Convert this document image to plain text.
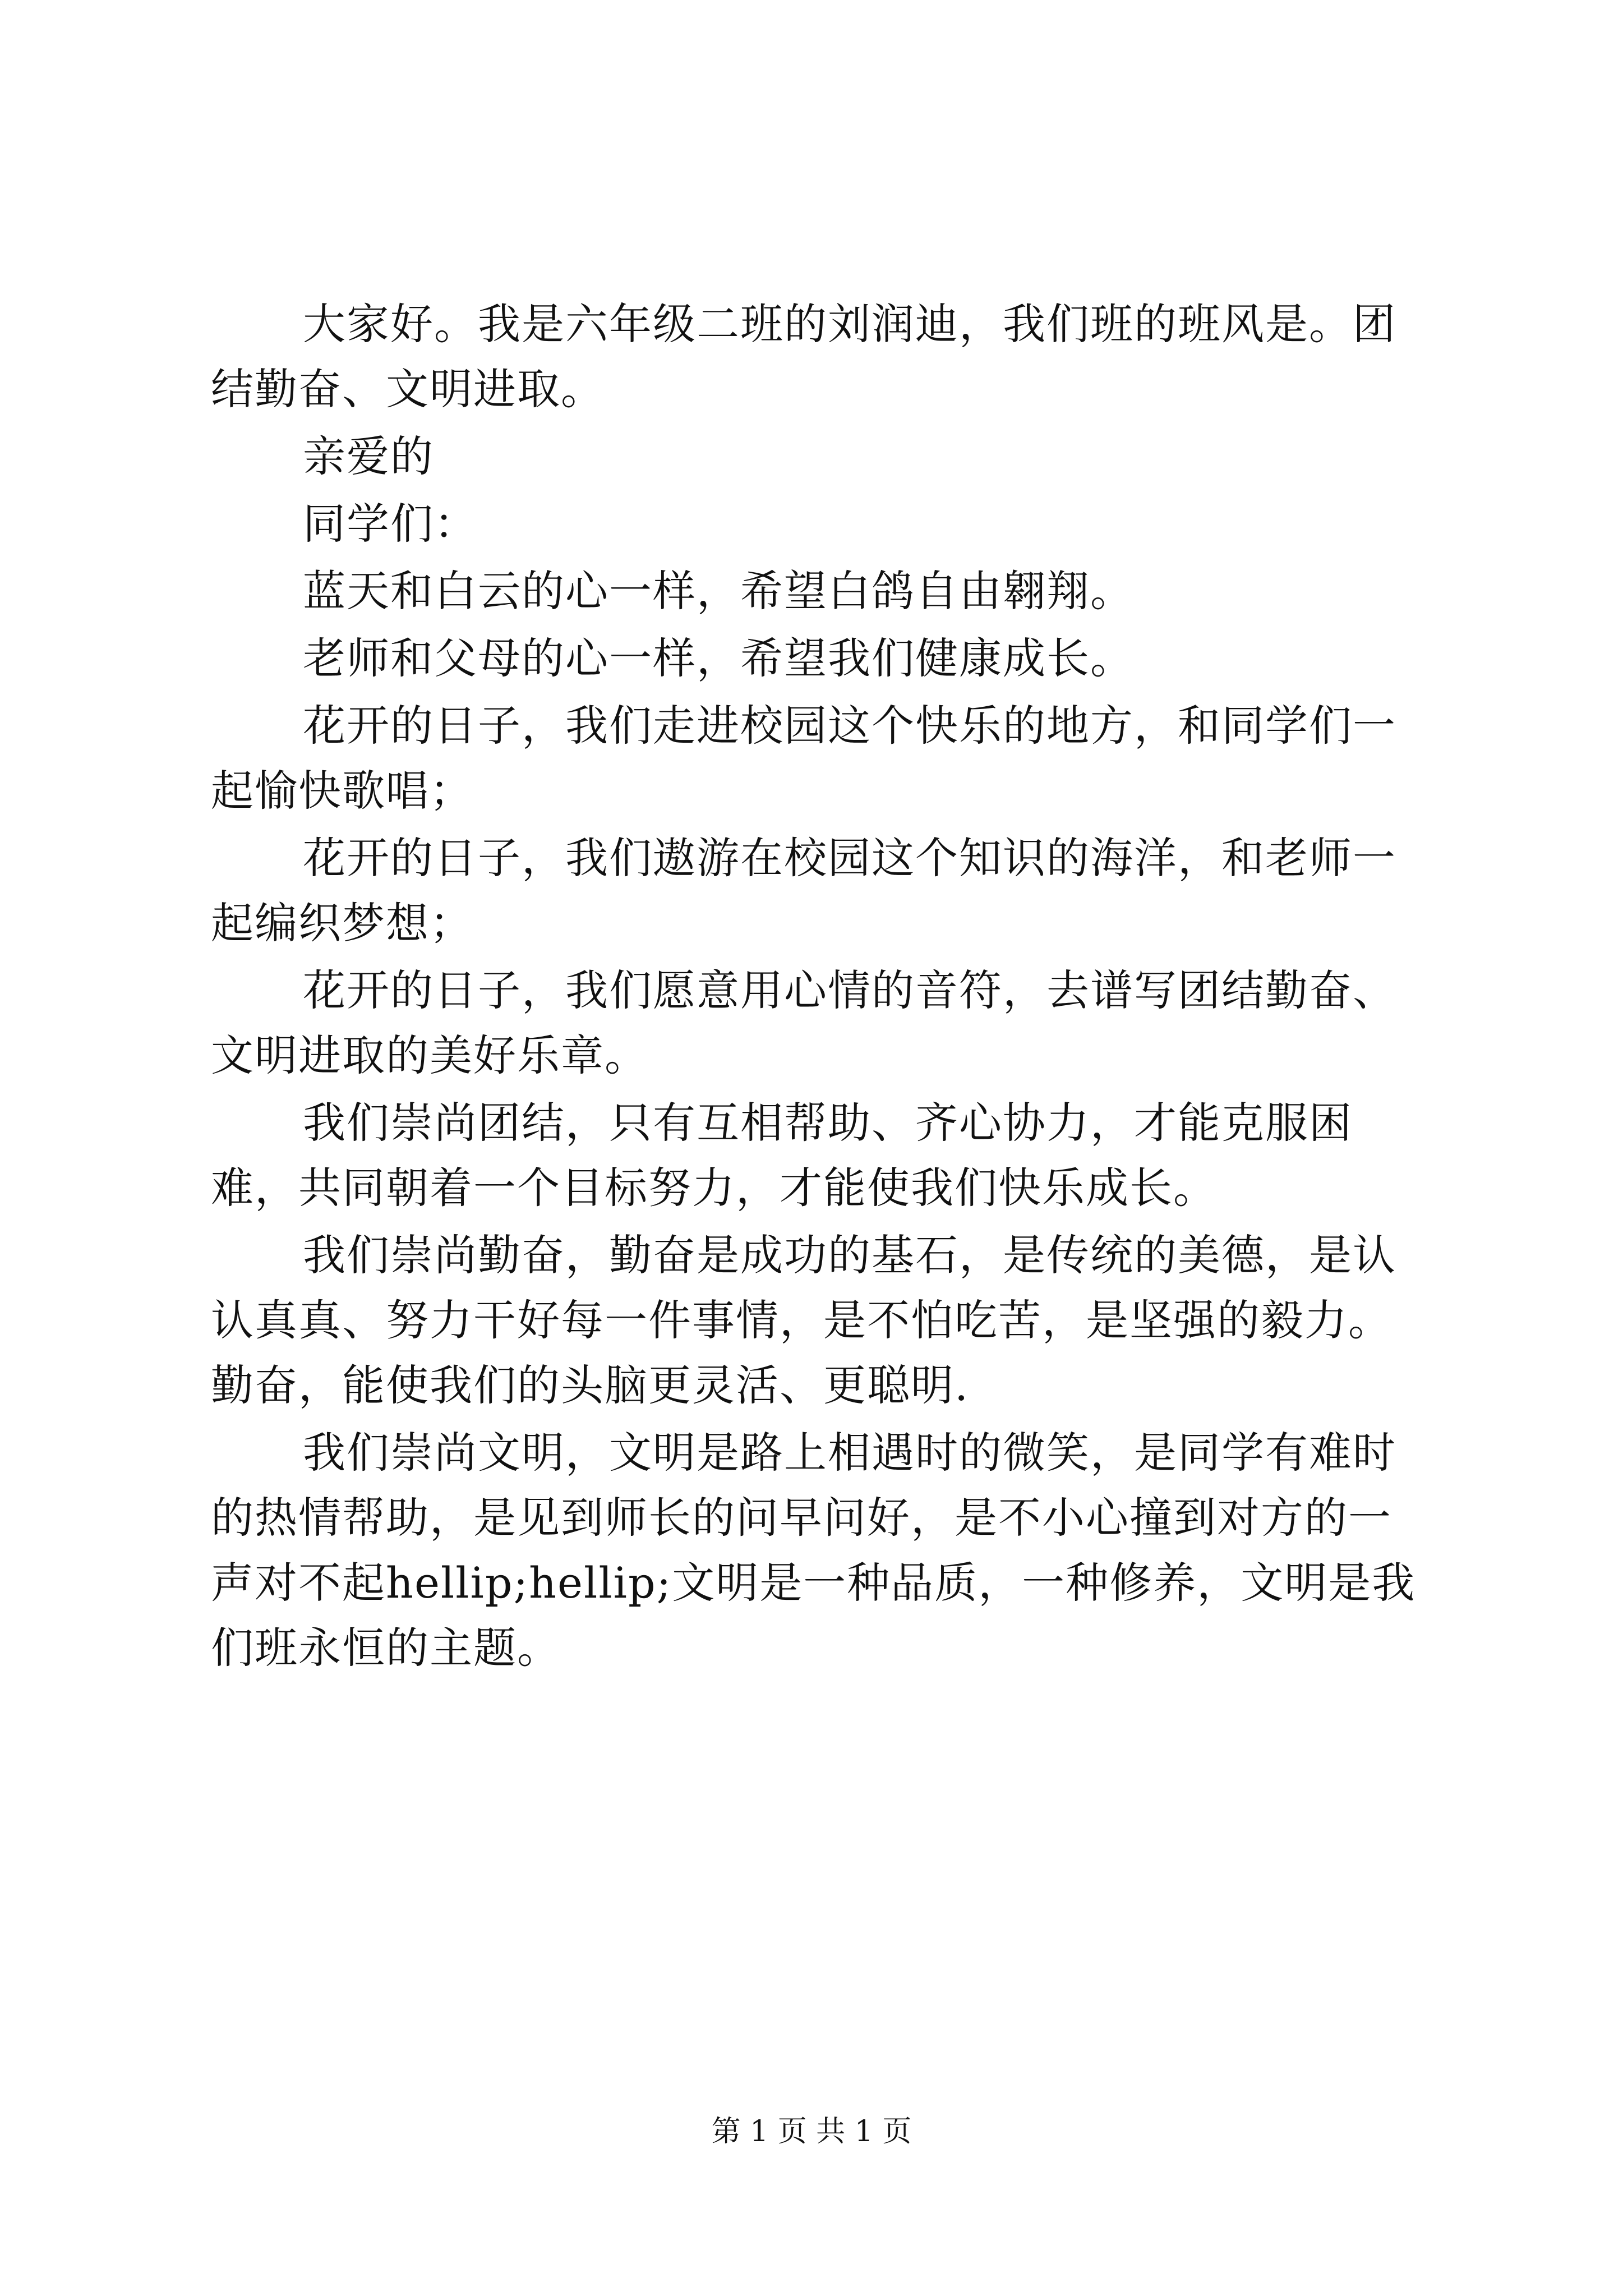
大家好。我是六年级二班的刘润迪，我们班的班风是。团结勤奋、文明进取。

亲爱的

同学们：

蓝天和白云的心一样，希望白鸽自由翱翔。

老师和父母的心一样，希望我们健康成长。

花开的日子，我们走进校园这个快乐的地方，和同学们一起愉快歌唱；

花开的日子，我们遨游在校园这个知识的海洋，和老师一起编织梦想；

花开的日子，我们愿意用心情的音符，去谱写团结勤奋、文明进取的美好乐章。

我们崇尚团结，只有互相帮助、齐心协力，才能克服困难，共同朝着一个目标努力，才能使我们快乐成长。

我们崇尚勤奋，勤奋是成功的基石，是传统的美德，是认认真真、努力干好每一件事情，是不怕吃苦，是坚强的毅力。勤奋，能使我们的头脑更灵活、更聪明.

我们崇尚文明，文明是路上相遇时的微笑，是同学有难时的热情帮助，是见到师长的问早问好，是不小心撞到对方的一声对不起hellip;hellip;文明是一种品质，一种修养，文明是我们班永恒的主题。

第 1 页 共 1 页
